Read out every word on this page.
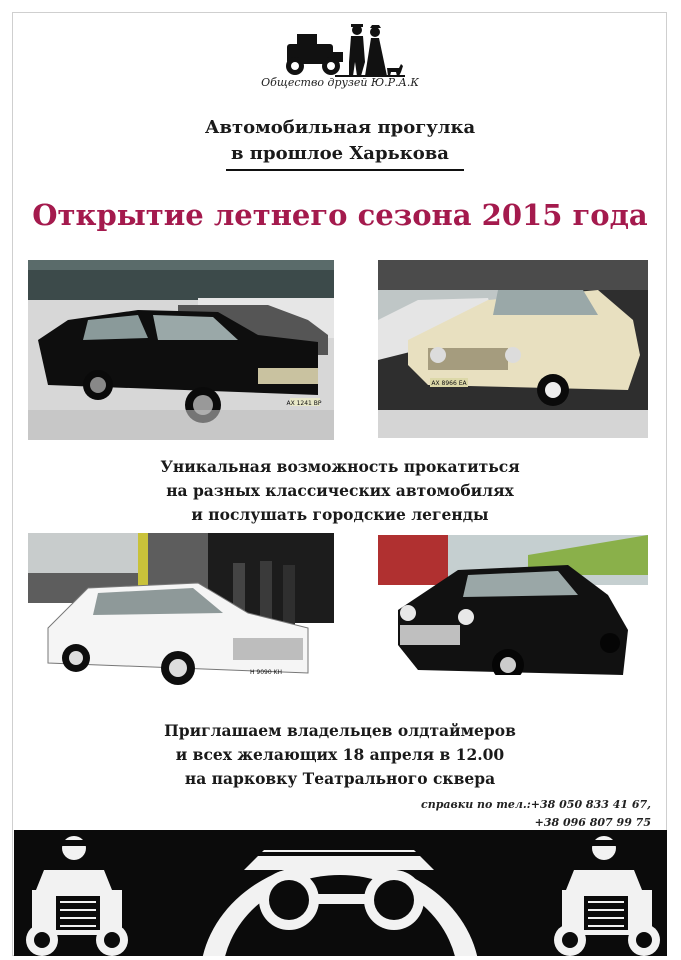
Общество друзей Ю.Р.А.К
Автомобильная прогулка
в прошлое Харькова
Открытие летнего сезона 2015 года
AX 1241 BP
AX 8966 EA
Уникальная возможность прокатиться
на разных классических автомобилях
и послушать городские легенды
H 9090 KH
Приглашаем владельцев олдтаймеров
и всех желающих 18 апреля в 12.00
на парковку Театрального сквера
справки по тел.:+38 050 833 41 67,
+38 096 807 99 75
